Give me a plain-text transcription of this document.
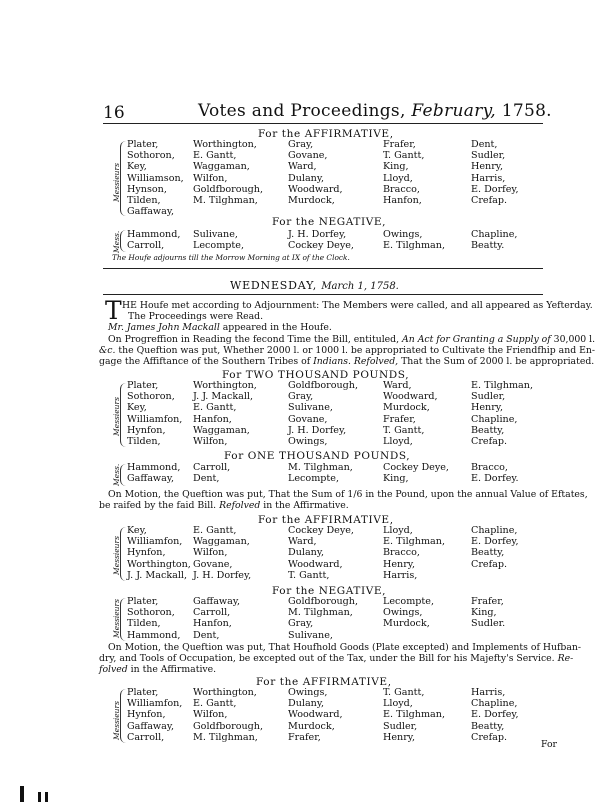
16	Votes and Proceedings, February, 1758.
For the AFFIRMATIVE,
Messieurs
Plater,
Sothoron,
Key,
Williamson,
Hynson,
Tilden,
Gaffaway,
Worthington,
E. Gantt,
Waggaman,
Wilfon,
Goldfborough,
M. Tilghman,
Gray,
Govane,
Ward,
Dulany,
Woodward,
Murdock,
Frafer,
T. Gantt,
King,
Lloyd,
Bracco,
Hanfon,
Dent,
Sudler,
Henry,
Harris,
E. Dorfey,
Crefap.
For the NEGATIVE,
Mess. Hammond,
Carroll,
Sulivane,
Lecompte,
J. H. Dorfey,
Cockey Deye,
Owings,
E. Tilghman,
Chapline,
Beatty.
The Houfe adjourns till the Morrow Morning at IX of the Clock.
WEDNESDAY, March 1, 1758.
T HE Houfe met according to Adjournment: The Members were called, and all appeared as Yefterday.
The Proceedings were Read.
Mr. James John Mackall appeared in the Houfe.
On Progreffion in Reading the fecond Time the Bill, entituled, An Act for Granting a Supply of 30,000 l.
&c. the Queftion was put, Whether 2000 l. or 1000 l. be appropriated to Cultivate the Friendfhip and En-
gage the Affiftance of the Southern Tribes of Indians. Refolved, That the Sum of 2000 l. be appropriated.
For TWO THOUSAND POUNDS,
Messieurs
Plater,
Sothoron,
Key,
Williamfon,
Hynfon,
Tilden,
Worthington,
J. J. Mackall,
E. Gantt,
Hanfon,
Waggaman,
Wilfon,
Goldfborough,
Gray,
Sulivane,
Govane,
J. H. Dorfey,
Owings,
Ward,
Woodward,
Murdock,
Frafer,
T. Gantt,
Lloyd,
E. Tilghman,
Sudler,
Henry,
Chapline,
Beatty,
Crefap.
For ONE THOUSAND POUNDS,
Mess. Hammond,
Gaffaway,
Carroll,
Dent,
M. Tilghman,
Lecompte,
Cockey Deye,
King,
Bracco,
E. Dorfey.
On Motion, the Queftion was put, That the Sum of 1/6 in the Pound, upon the annual Value of Eftates,
be raifed by the faid Bill. Refolved in the Affirmative.
For the AFFIRMATIVE,
Messieurs
Key,
Williamfon,
Hynfon,
Worthington,
J. J. Mackall,
E. Gantt,
Waggaman,
Wilfon,
Govane,
J. H. Dorfey,
Cockey Deye,
Ward,
Dulany,
Woodward,
T. Gantt,
Lloyd,
E. Tilghman,
Bracco,
Henry,
Harris,
Chapline,
E. Dorfey,
Beatty,
Crefap.
For the NEGATIVE,
Messieurs Plater,
Sothoron,
Tilden,
Hammond,
Gaffaway,
Carroll,
Hanfon,
Dent,
Goldfborough,
M. Tilghman,
Gray,
Sulivane,
Lecompte,
Owings,
Murdock,
Frafer,
King,
Sudler.
On Motion, the Queftion was put, That Houfhold Goods (Plate excepted) and Implements of Hufban-
dry, and Tools of Occupation, be excepted out of the Tax, under the Bill for his Majefty's Service. Re-
folved in the Affirmative.
For the AFFIRMATIVE,
Messieurs
Plater,
Williamfon,
Hynfon,
Gaffaway,
Carroll,
Worthington,
E. Gantt,
Wilfon,
Goldfborough,
M. Tilghman,
Owings,
Dulany,
Woodward,
Murdock,
Frafer,
T. Gantt,
Lloyd,
E. Tilghman,
Sudler,
Henry,
Harris,
Chapline,
E. Dorfey,
Beatty,
Crefap.
For
